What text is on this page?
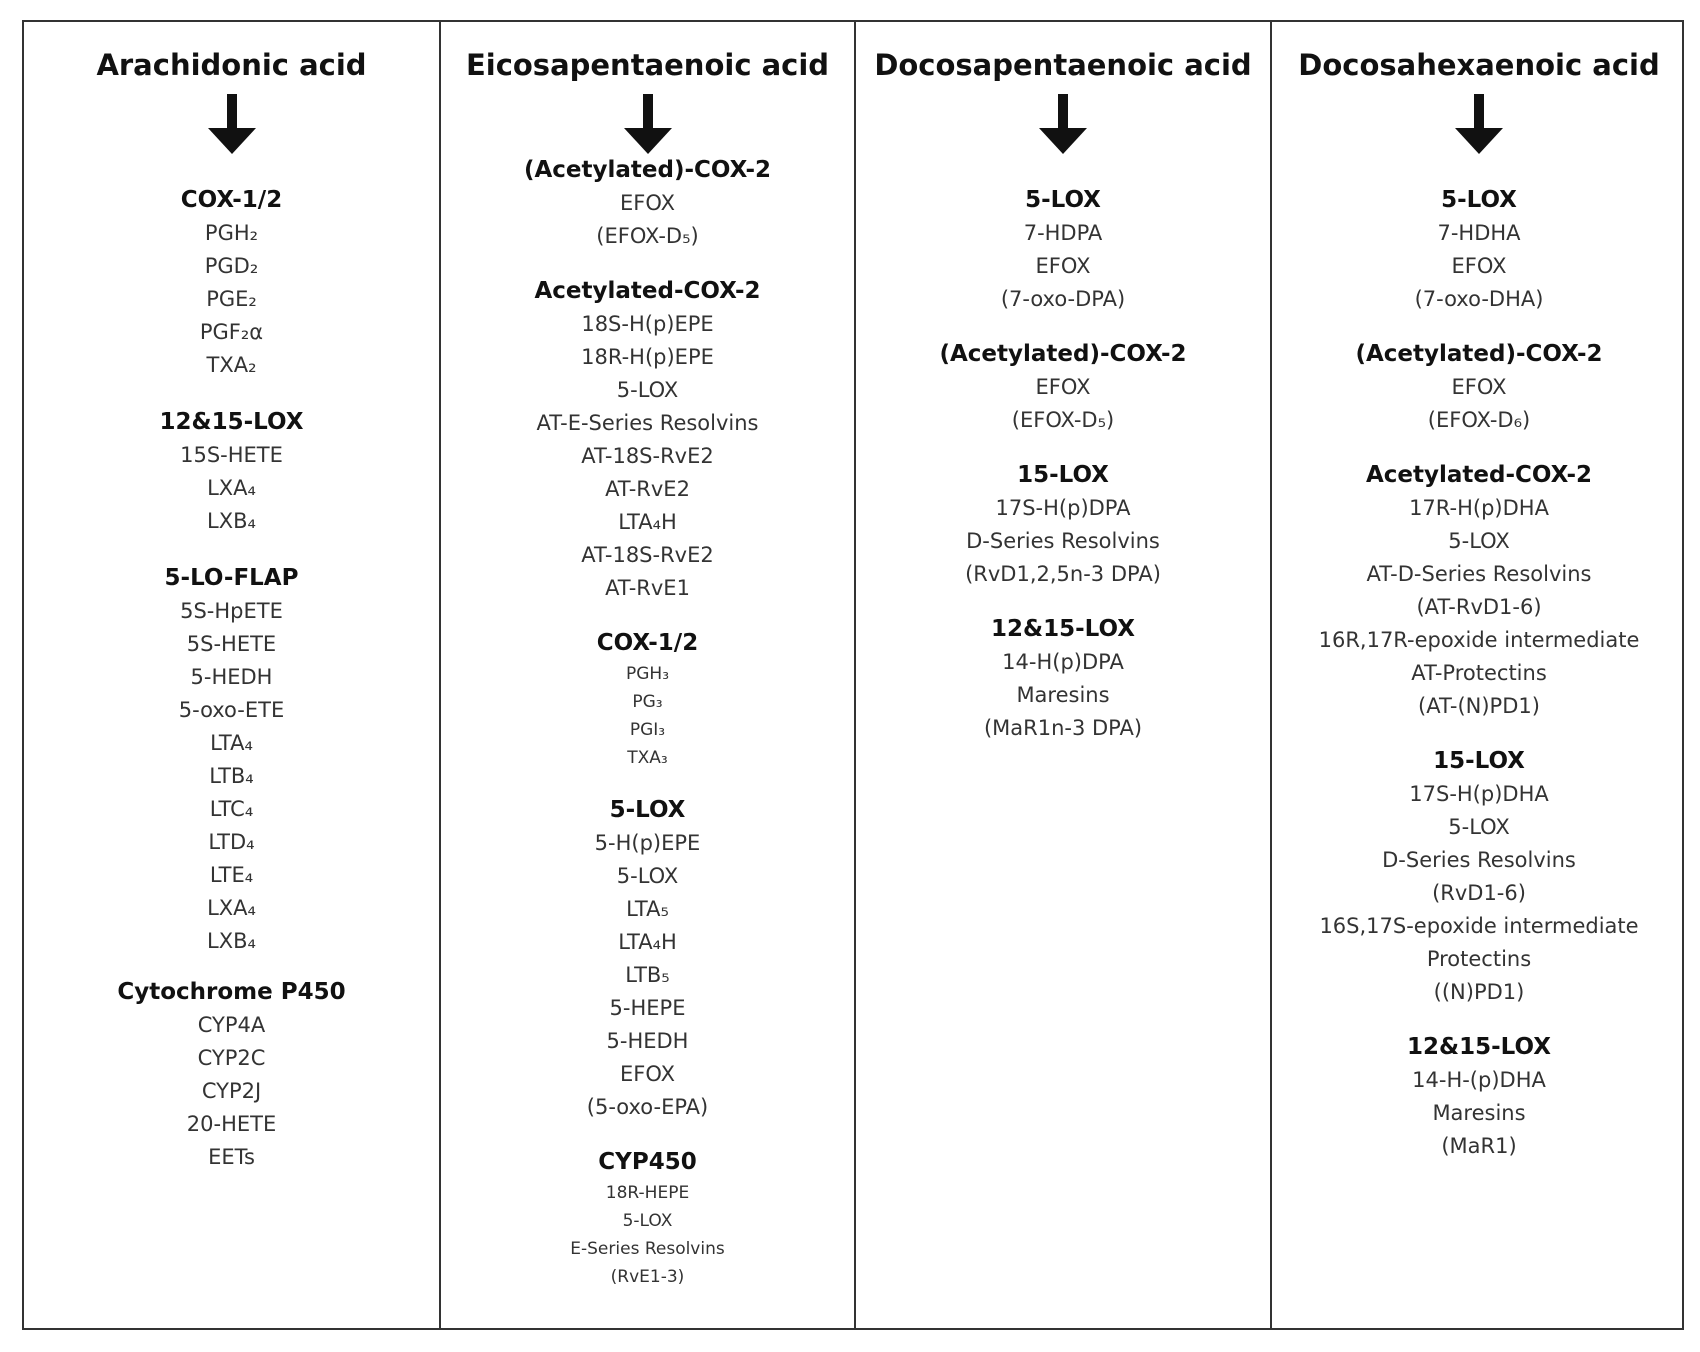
Arachidonic acid
COX-1/2
PGH₂
PGD₂
PGE₂
PGF₂α
TXA₂
12&15-LOX
15S-HETE
LXA₄
LXB₄
5-LO-FLAP
5S-HpETE
5S-HETE
5-HEDH
5-oxo-ETE
LTA₄
LTB₄
LTC₄
LTD₄
LTE₄
LXA₄
LXB₄
Cytochrome P450
CYP4A
CYP2C
CYP2J
20-HETE
EETs
Eicosapentaenoic acid
(Acetylated)-COX-2
EFOX
(EFOX-D₅)
Acetylated-COX-2
18S-H(p)EPE
18R-H(p)EPE
5-LOX
AT-E-Series Resolvins
AT-18S-RvE2
AT-RvE2
LTA₄H
AT-18S-RvE2
AT-RvE1
COX-1/2
PGH₃
PG₃
PGI₃
TXA₃
5-LOX
5-H(p)EPE
5-LOX
LTA₅
LTA₄H
LTB₅
5-HEPE
5-HEDH
EFOX
(5-oxo-EPA)
CYP450
18R-HEPE
5-LOX
E-Series Resolvins
(RvE1-3)
Docosapentaenoic acid
5-LOX
7-HDPA
EFOX
(7-oxo-DPA)
(Acetylated)-COX-2
EFOX
(EFOX-D₅)
15-LOX
17S-H(p)DPA
D-Series Resolvins
(RvD1,2,5n-3 DPA)
12&15-LOX
14-H(p)DPA
Maresins
(MaR1n-3 DPA)
Docosahexaenoic acid
5-LOX
7-HDHA
EFOX
(7-oxo-DHA)
(Acetylated)-COX-2
EFOX
(EFOX-D₆)
Acetylated-COX-2
17R-H(p)DHA
5-LOX
AT-D-Series Resolvins
(AT-RvD1-6)
16R,17R-epoxide intermediate
AT-Protectins
(AT-(N)PD1)
15-LOX
17S-H(p)DHA
5-LOX
D-Series Resolvins
(RvD1-6)
16S,17S-epoxide intermediate
Protectins
((N)PD1)
12&15-LOX
14-H-(p)DHA
Maresins
(MaR1)
